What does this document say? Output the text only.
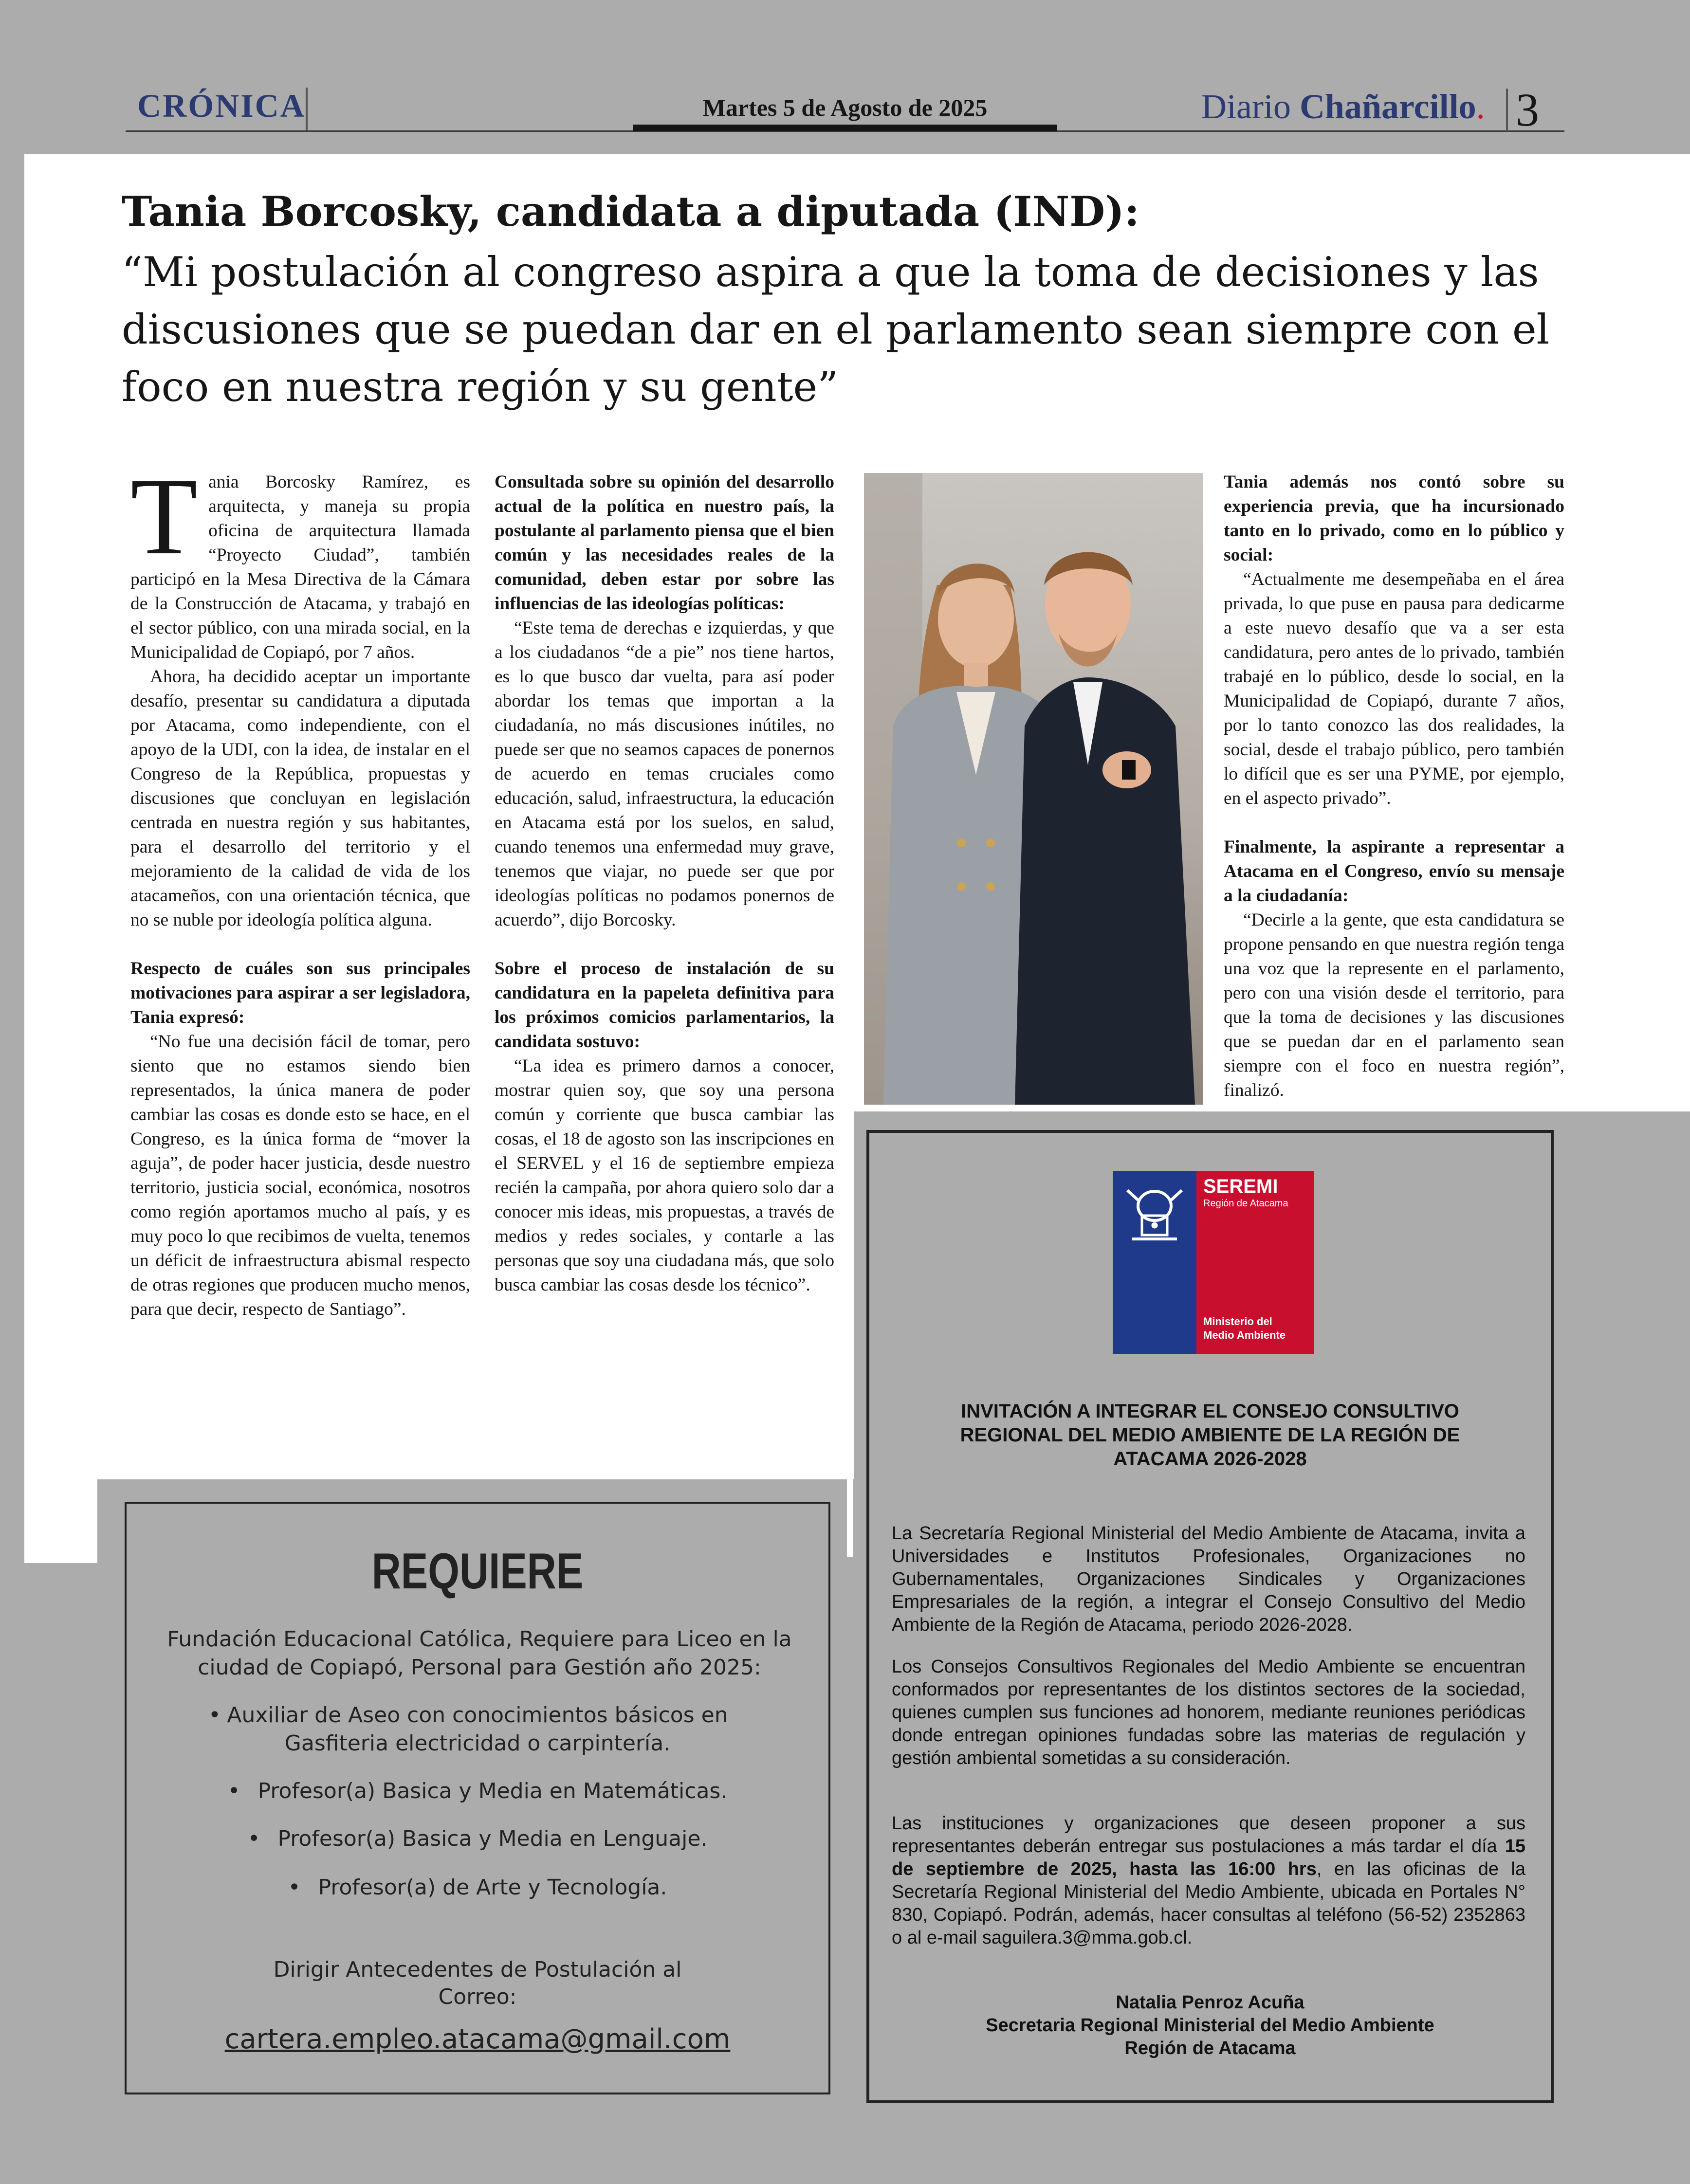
CRÓNICA	Martes 5 de Agosto de 2025	Diario Chañarcillo. 3
Tania Borcosky, candidata a diputada (IND):
“Mi postulación al congreso aspira a que la toma de decisiones y las discusiones que se puedan dar en el parlamento sean siempre con el foco en nuestra región y su gente”
T ania Borcosky Ramírez, es arquitecta, y maneja su propia oficina de arquitectura llamada “Proyecto Ciudad”, también participó en la Mesa Directiva de la Cámara de la Construcción de Atacama, y trabajó en el sector público, con una mirada social, en la Municipalidad de Copiapó, por 7 años.

Ahora, ha decidido aceptar un importante desafío, presentar su candidatura a diputada por Atacama, como independiente, con el apoyo de la UDI, con la idea, de instalar en el Congreso de la República, propuestas y discusiones que concluyan en legislación centrada en nuestra región y sus habitantes, para el desarrollo del territorio y el mejoramiento de la calidad de vida de los atacameños, con una orientación técnica, que no se nuble por ideología política alguna.

Respecto de cuáles son sus principales motivaciones para aspirar a ser legisladora, Tania expresó:

“No fue una decisión fácil de tomar, pero siento que no estamos siendo bien representados, la única manera de poder cambiar las cosas es donde esto se hace, en el Congreso, es la única forma de “mover la aguja”, de poder hacer justicia, desde nuestro territorio, justicia social, económica, nosotros como región aportamos mucho al país, y es muy poco lo que recibimos de vuelta, tenemos un déficit de infraestructura abismal respecto de otras regiones que producen mucho menos, para que decir, respecto de Santiago”.

Consultada sobre su opinión del desarrollo actual de la política en nuestro país, la postulante al parlamento piensa que el bien común y las necesidades reales de la comunidad, deben estar por sobre las influencias de las ideologías políticas:

“Este tema de derechas e izquierdas, y que a los ciudadanos “de a pie” nos tiene hartos, es lo que busco dar vuelta, para así poder abordar los temas que importan a la ciudadanía, no más discusiones inútiles, no puede ser que no seamos capaces de ponernos de acuerdo en temas cruciales como educación, salud, infraestructura, la educación en Atacama está por los suelos, en salud, cuando tenemos una enfermedad muy grave, tenemos que viajar, no puede ser que por ideologías políticas no podamos ponernos de acuerdo”, dijo Borcosky.

Sobre el proceso de instalación de su candidatura en la papeleta definitiva para los próximos comicios parlamentarios, la candidata sostuvo:

“La idea es primero darnos a conocer, mostrar quien soy, que soy una persona común y corriente que busca cambiar las cosas, el 18 de agosto son las inscripciones en el SERVEL y el 16 de septiembre empieza recién la campaña, por ahora quiero solo dar a conocer mis ideas, mis propuestas, a través de medios y redes sociales, y contarle a las personas que soy una ciudadana más, que solo busca cambiar las cosas desde los técnico”.

Tania además nos contó sobre su experiencia previa, que ha incursionado tanto en lo privado, como en lo público y social:

“Actualmente me desempeñaba en el área privada, lo que puse en pausa para dedicarme a este nuevo desafío que va a ser esta candidatura, pero antes de lo privado, también trabajé en lo público, desde lo social, en la Municipalidad de Copiapó, durante 7 años, por lo tanto conozco las dos realidades, la social, desde el trabajo público, pero también lo difícil que es ser una PYME, por ejemplo, en el aspecto privado”.

Finalmente, la aspirante a representar a Atacama en el Congreso, envío su mensaje a la ciudadanía:

“Decirle a la gente, que esta candidatura se propone pensando en que nuestra región tenga una voz que la represente en el parlamento, pero con una visión desde el territorio, para que la toma de decisiones y las discusiones que se puedan dar en el parlamento sean siempre con el foco en nuestra región”, finalizó.

REQUIERE
Fundación Educacional Católica, Requiere para Liceo en la ciudad de Copiapó, Personal para Gestión año 2025:
• Auxiliar de Aseo con conocimientos básicos en Gasfiteria electricidad o carpintería.
• Profesor(a) Basica y Media en Matemáticas.
• Profesor(a) Basica y Media en Lenguaje.
• Profesor(a) de Arte y Tecnología.
Dirigir Antecedentes de Postulación al Correo:
cartera.empleo.atacama@gmail.com
SEREMI
Región de Atacama
Ministerio del Medio Ambiente
INVITACIÓN A INTEGRAR EL CONSEJO CONSULTIVO REGIONAL DEL MEDIO AMBIENTE DE LA REGIÓN DE ATACAMA 2026-2028
La Secretaría Regional Ministerial del Medio Ambiente de Atacama, invita a Universidades e Institutos Profesionales, Organizaciones no Gubernamentales, Organizaciones Sindicales y Organizaciones Empresariales de la región, a integrar el Consejo Consultivo del Medio Ambiente de la Región de Atacama, periodo 2026-2028.
Los Consejos Consultivos Regionales del Medio Ambiente se encuentran conformados por representantes de los distintos sectores de la sociedad, quienes cumplen sus funciones ad honorem, mediante reuniones periódicas donde entregan opiniones fundadas sobre las materias de regulación y gestión ambiental sometidas a su consideración.
Las instituciones y organizaciones que deseen proponer a sus representantes deberán entregar sus postulaciones a más tardar el día 15 de septiembre de 2025, hasta las 16:00 hrs, en las oficinas de la Secretaría Regional Ministerial del Medio Ambiente, ubicada en Portales N° 830, Copiapó. Podrán, además, hacer consultas al teléfono (56-52) 2352863 o al e-mail saguilera.3@mma.gob.cl.
Natalia Penroz Acuña
Secretaria Regional Ministerial del Medio Ambiente
Región de Atacama
